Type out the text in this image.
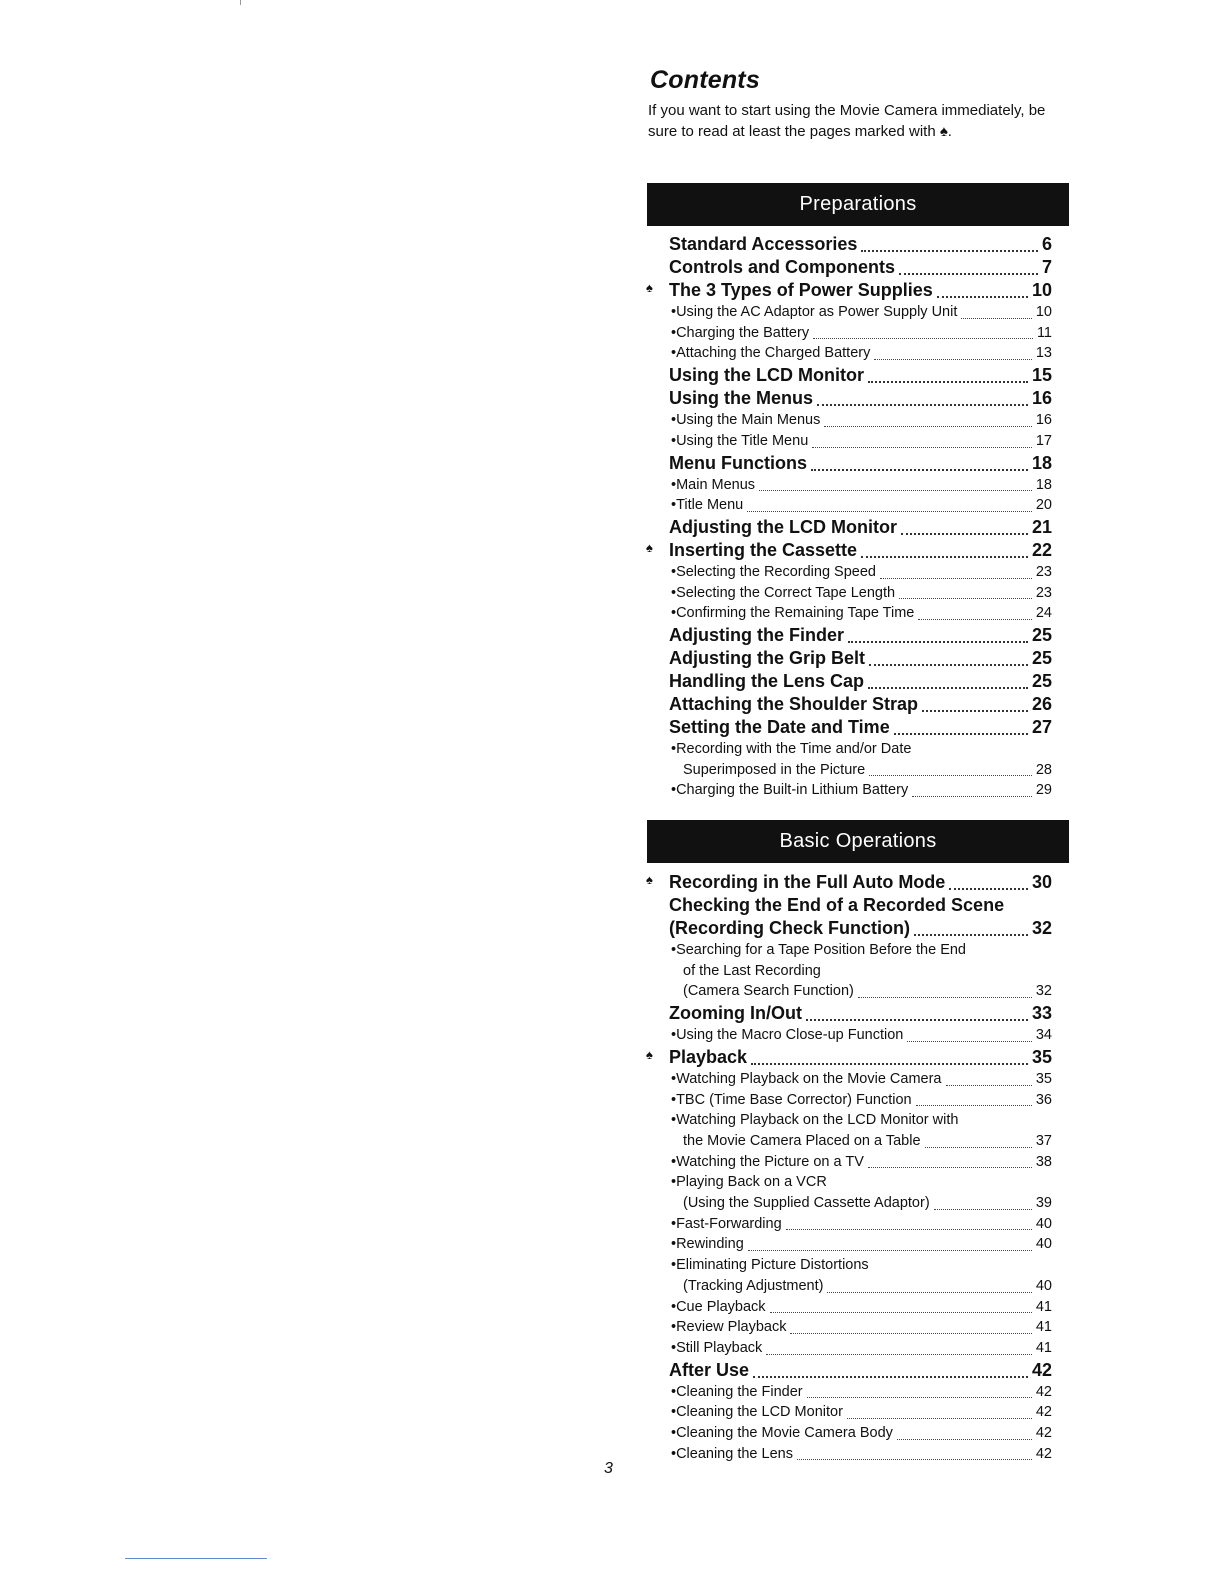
Contents
If you want to start using the Movie Camera immediately, be sure to read at least the pages marked with ♠.
Preparations
Standard Accessories	6
Controls and Components	7
♠ The 3 Types of Power Supplies	10
•Using the AC Adaptor as Power Supply Unit	10
•Charging the Battery	11
•Attaching the Charged Battery	13
Using the LCD Monitor	15
Using the Menus	16
•Using the Main Menus	16
•Using the Title Menu	17
Menu Functions	18
•Main Menus	18
•Title Menu	20
Adjusting the LCD Monitor	21
♠ Inserting the Cassette	22
•Selecting the Recording Speed	23
•Selecting the Correct Tape Length	23
•Confirming the Remaining Tape Time	24
Adjusting the Finder	25
Adjusting the Grip Belt	25
Handling the Lens Cap	25
Attaching the Shoulder Strap	26
Setting the Date and Time	27
•Recording with the Time and/or Date
Superimposed in the Picture	28
•Charging the Built-in Lithium Battery	29
Basic Operations
♠ Recording in the Full Auto Mode	30
Checking the End of a Recorded Scene
(Recording Check Function)	32
•Searching for a Tape Position Before the End
of the Last Recording
(Camera Search Function)	32
Zooming In/Out	33
•Using the Macro Close-up Function	34
♠ Playback	35
•Watching Playback on the Movie Camera	35
•TBC (Time Base Corrector) Function	36
•Watching Playback on the LCD Monitor with
the Movie Camera Placed on a Table	37
•Watching the Picture on a TV	38
•Playing Back on a VCR
(Using the Supplied Cassette Adaptor)	39
•Fast-Forwarding	40
•Rewinding	40
•Eliminating Picture Distortions
(Tracking Adjustment)	40
•Cue Playback	41
•Review Playback	41
•Still Playback	41
After Use	42
•Cleaning the Finder	42
•Cleaning the LCD Monitor	42
•Cleaning the Movie Camera Body	42
•Cleaning the Lens	42
3
